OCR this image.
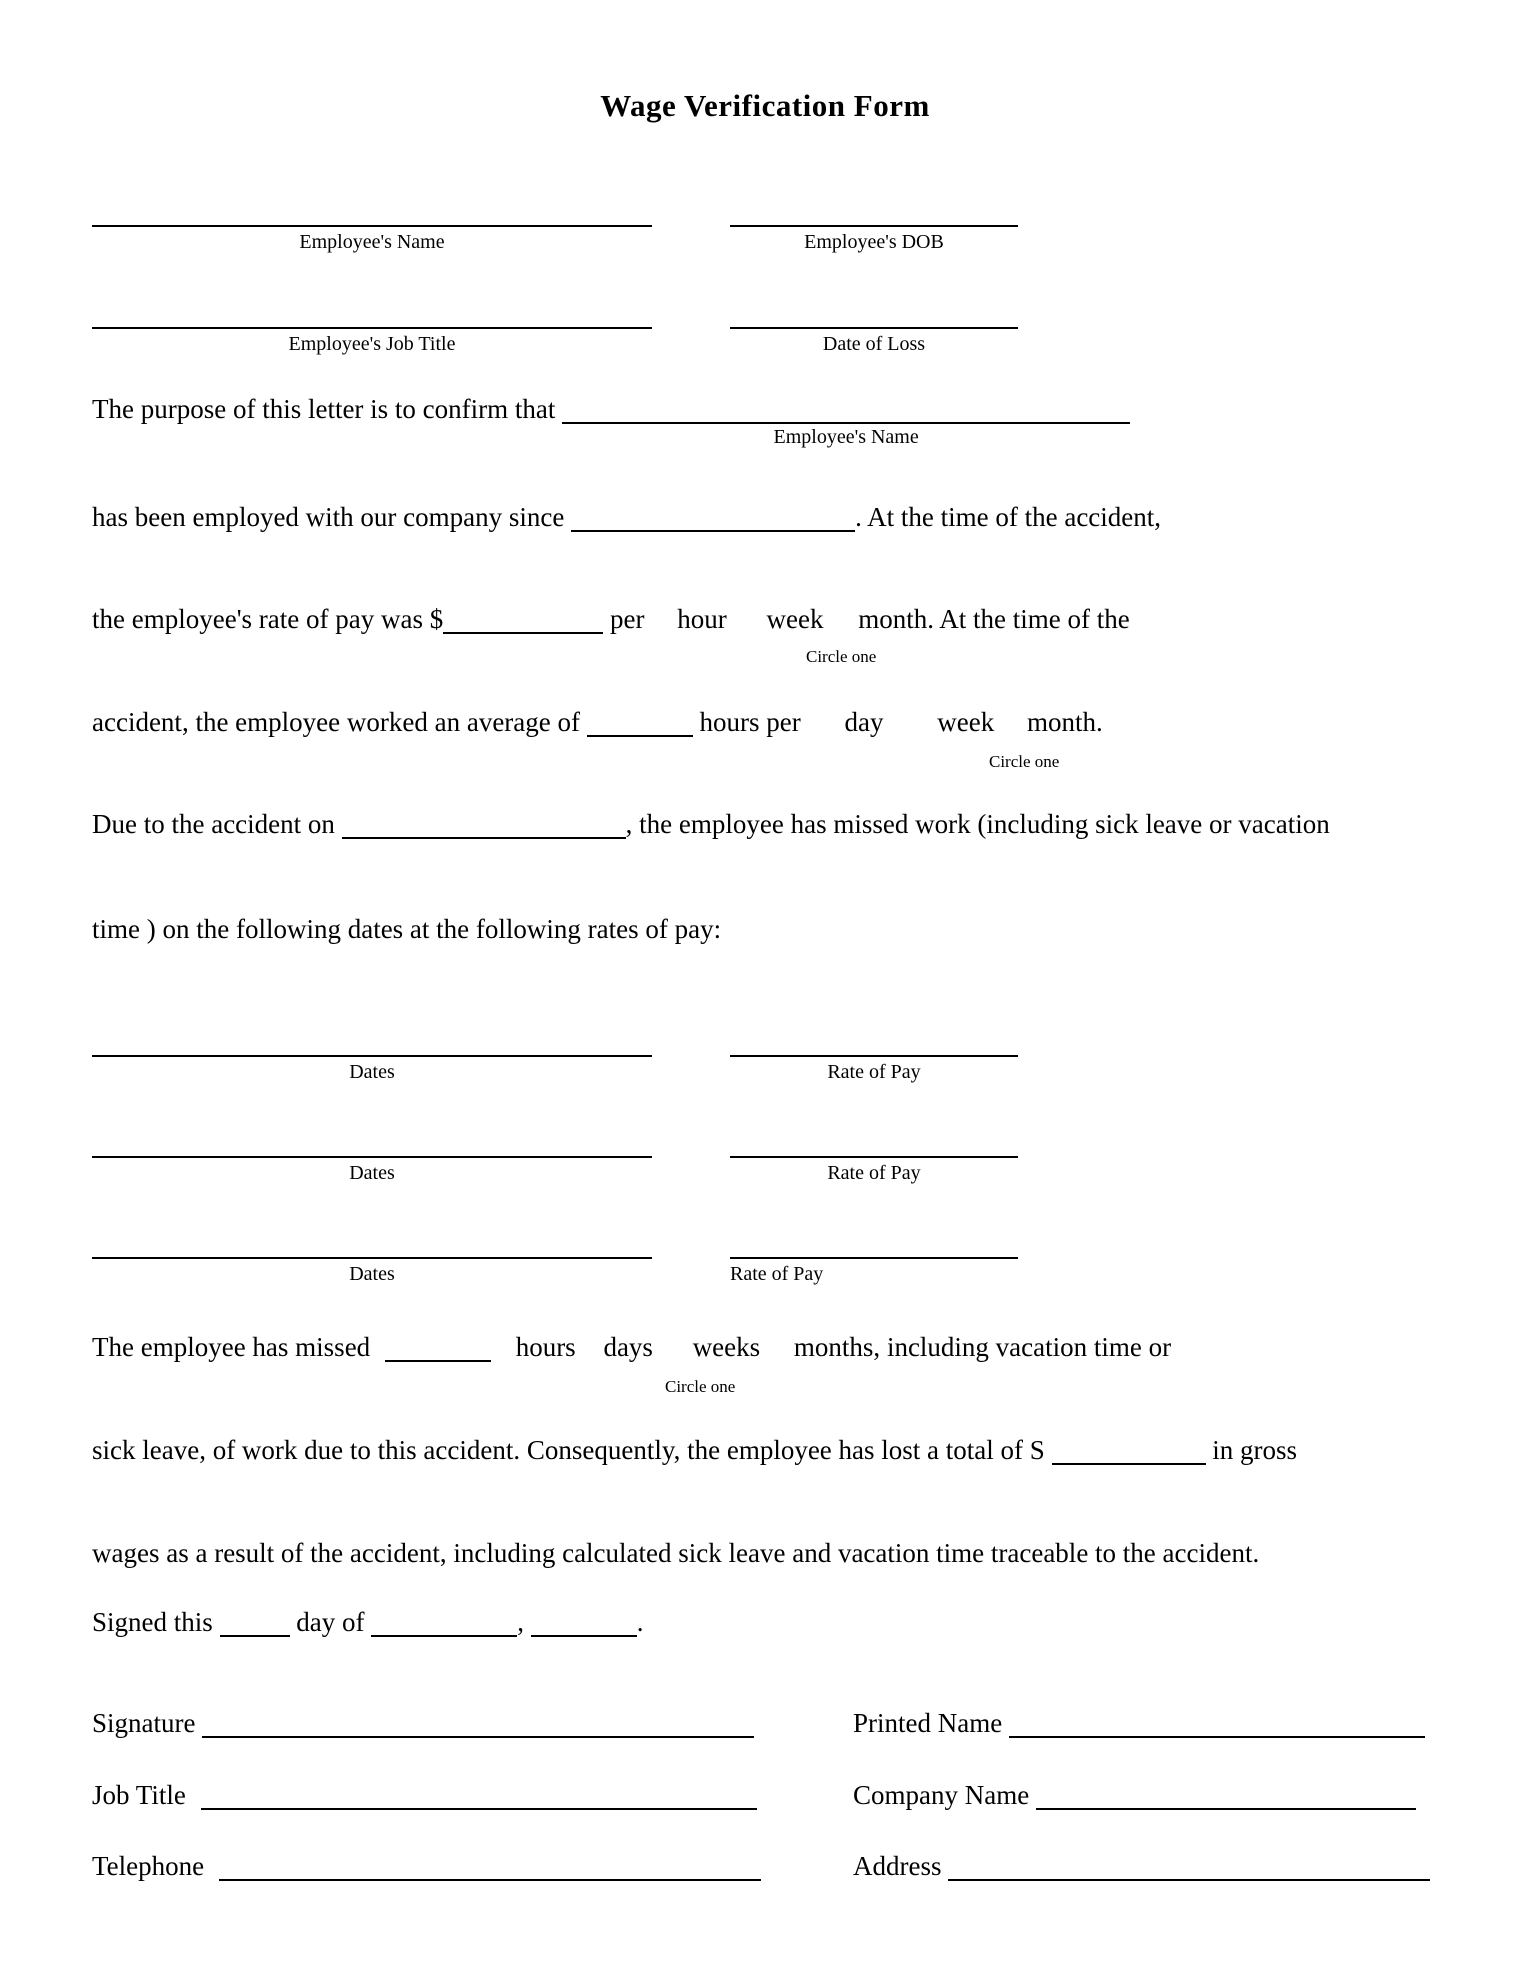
Wage Verification Form
Employee's Name	Employee's DOB
Employee's Job Title	Date of Loss
The purpose of this letter is to confirm that
Employee's Name
has been employed with our company since	. At the time of the accident,
the employee's rate of pay was $	per hour week month. At the time of the
Circle one
accident, the employee worked an average of	hours per day week month.
Circle one
Due to the accident on	, the employee has missed work (including sick leave or vacation
time ) on the following dates at the following rates of pay:
Dates	Rate of Pay
Dates	Rate of Pay
Dates	Rate of Pay
The employee has missed	hours days weeks months, including vacation time or
Circle one
sick leave, of work due to this accident. Consequently, the employee has lost a total of S	in gross
wages as a result of the accident, including calculated sick leave and vacation time traceable to the accident.
Signed this	day of	,	.
Signature	Printed Name
Job Title	Company Name
Telephone	Address
